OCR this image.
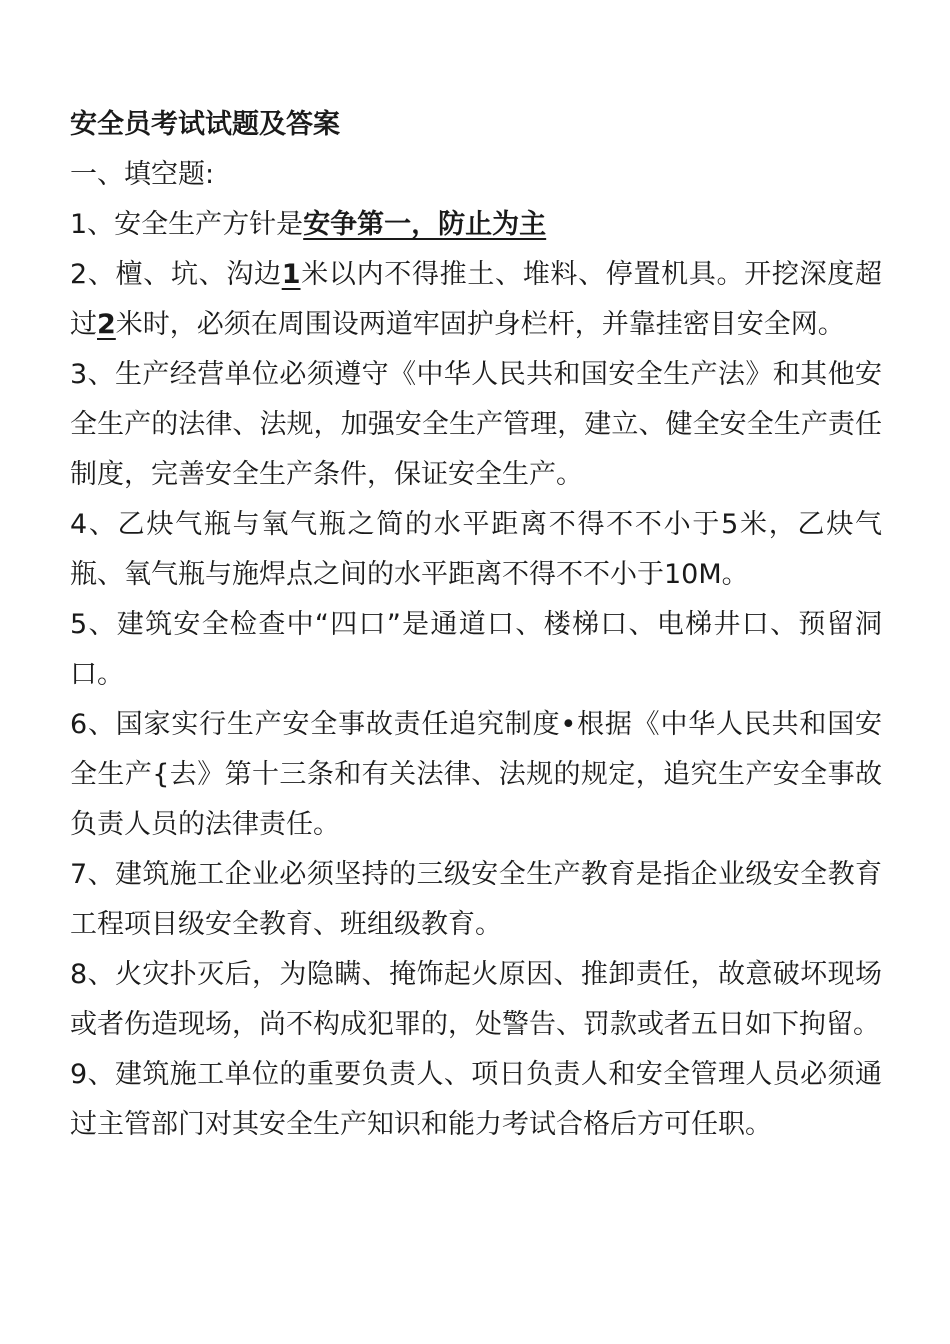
安全员考试试题及答案
一、填空题:
1、安全生产方针是安争第一，防止为主
2、檀、坑、沟边1米以内不得推土、堆料、停置机具。开挖深度超过2米时，必须在周围设两道牢固护身栏杆，并靠挂密目安全网。
3、生产经营单位必须遵守《中华人民共和国安全生产法》和其他安全生产的法律、法规，加强安全生产管理，建立、健全安全生产责任制度，完善安全生产条件，保证安全生产。
4、乙炔气瓶与氧气瓶之简的水平距离不得不不小于5米，乙炔气瓶、氧气瓶与施焊点之间的水平距离不得不不小于10M。
5、建筑安全检查中“四口”是通道口、楼梯口、电梯井口、预留洞口。
6、国家实行生产安全事故责任追究制度•根据《中华人民共和国安全生产{去》第十三条和有关法律、法规的规定，追究生产安全事故负责人员的法律责任。
7、建筑施工企业必须坚持的三级安全生产教育是指企业级安全教育工程项目级安全教育、班组级教育。
8、火灾扑灭后，为隐瞒、掩饰起火原因、推卸责任，故意破坏现场或者伤造现场，尚不构成犯罪的，处警告、罚款或者五日如下拘留。
9、建筑施工单位的重要负责人、项日负责人和安全管理人员必须通过主管部门对其安全生产知识和能力考试合格后方可任职。
